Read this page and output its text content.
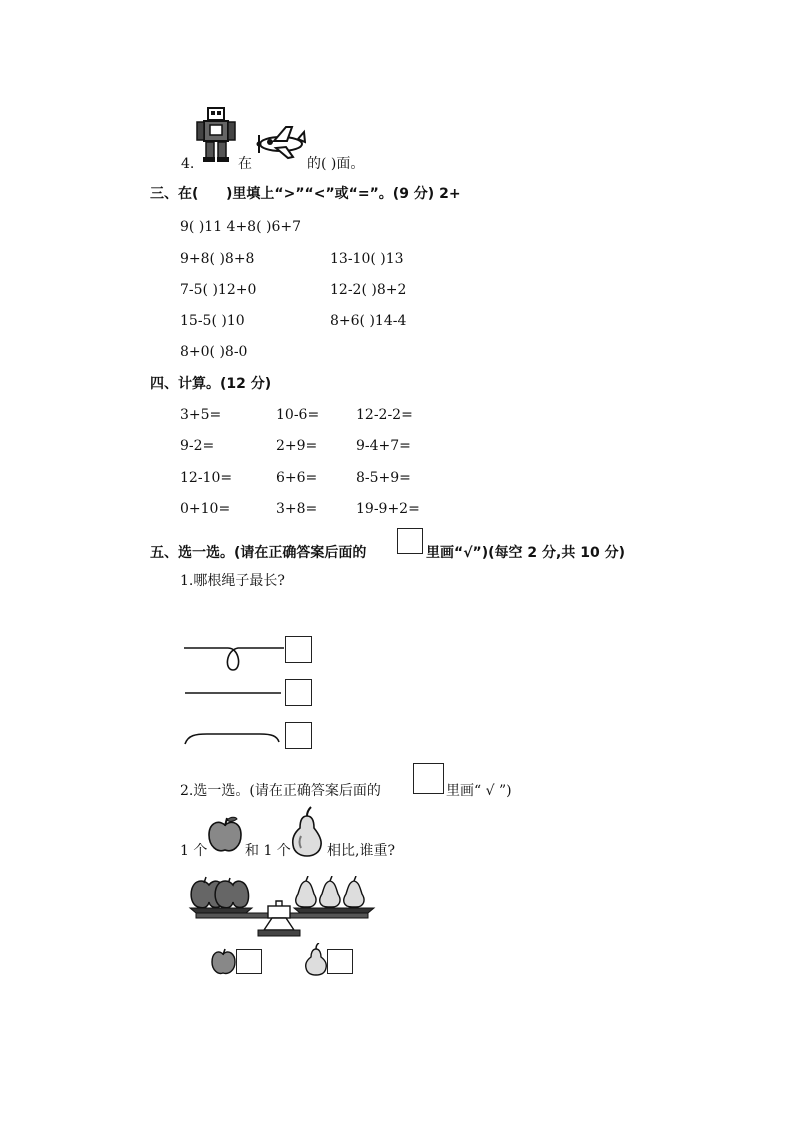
4.	在	的( )面。
三、在( )里填上“>”“<”或“=”。(9 分) 2+
9( )11 4+8( )6+7
9+8( )8+8	13-10( )13
7-5( )12+0	12-2( )8+2
15-5( )10	8+6( )14-4
8+0( )8-0
四、计算。(12 分)
3+5=	10-6=	12-2-2=
9-2=	2+9=	9-4+7=
12-10=	6+6=	8-5+9=
0+10=	3+8=	19-9+2=
五、选一选。(请在正确答案后面的	里画“√”)(每空 2 分,共 10 分)
1.哪根绳子最长?
2.选一选。(请在正确答案后面的	里画“ √ ”)
1 个	和 1 个	相比,谁重?
